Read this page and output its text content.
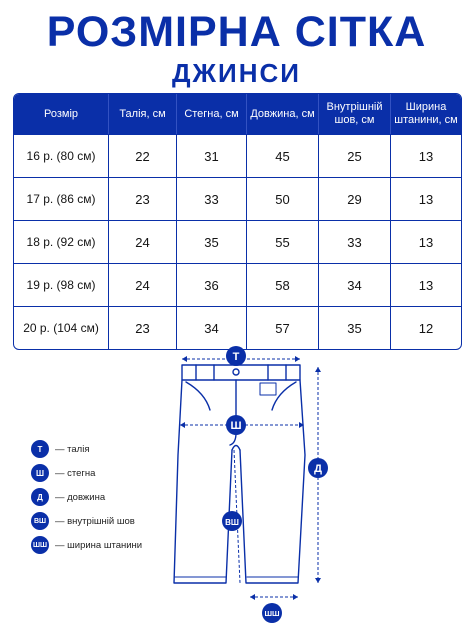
РОЗМІРНА СІТКА
ДЖИНСИ
Розмір	Талія, см	Стегна, см	Довжина, см	Внутрішній шов, см	Ширина штанини, см
16 р. (80 см)	22	31	45	25	13
17 р. (86 см)	23	33	50	29	13
18 р. (92 см)	24	35	55	33	13
19 р. (98 см)	24	36	58	34	13
20 р. (104 см)	23	34	57	35	12
Т
Ш
Д
ВШ
ШШ
Т	— талія
Ш	— стегна
Д	— довжина
ВШ — внутрішній шов
ШШ — ширина штанини
